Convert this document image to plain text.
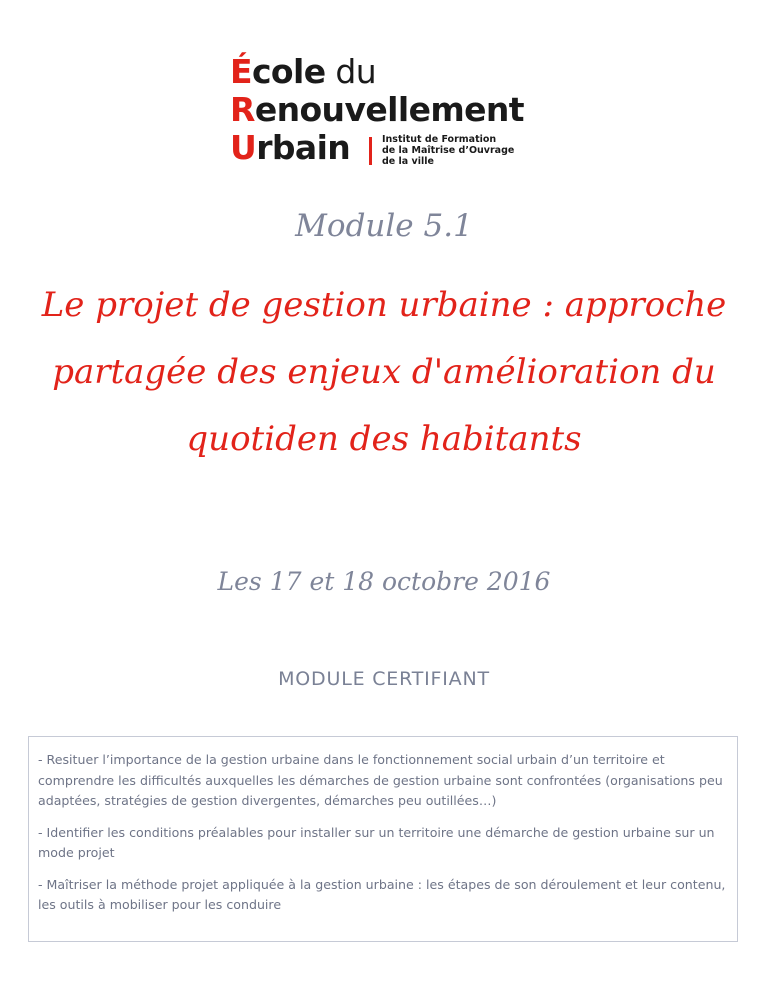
École du
Renouvellement
Urbain	Institut de Formation
de la Maîtrise d’Ouvrage
de la ville
Module 5.1
Le projet de gestion urbaine : approche partagée des enjeux d'amélioration du quotiden des habitants
Les 17 et 18 octobre 2016
MODULE CERTIFIANT

- Resituer l’importance de la gestion urbaine dans le fonctionnement social urbain d’un territoire et comprendre les difficultés auxquelles les démarches de gestion urbaine sont confrontées (organisations peu adaptées, stratégies de gestion divergentes, démarches peu outillées…)

- Identifier les conditions préalables pour installer sur un territoire une démarche de gestion urbaine sur un mode projet

- Maîtriser la méthode projet appliquée à la gestion urbaine : les étapes de son déroulement et leur contenu, les outils à mobiliser pour les conduire
